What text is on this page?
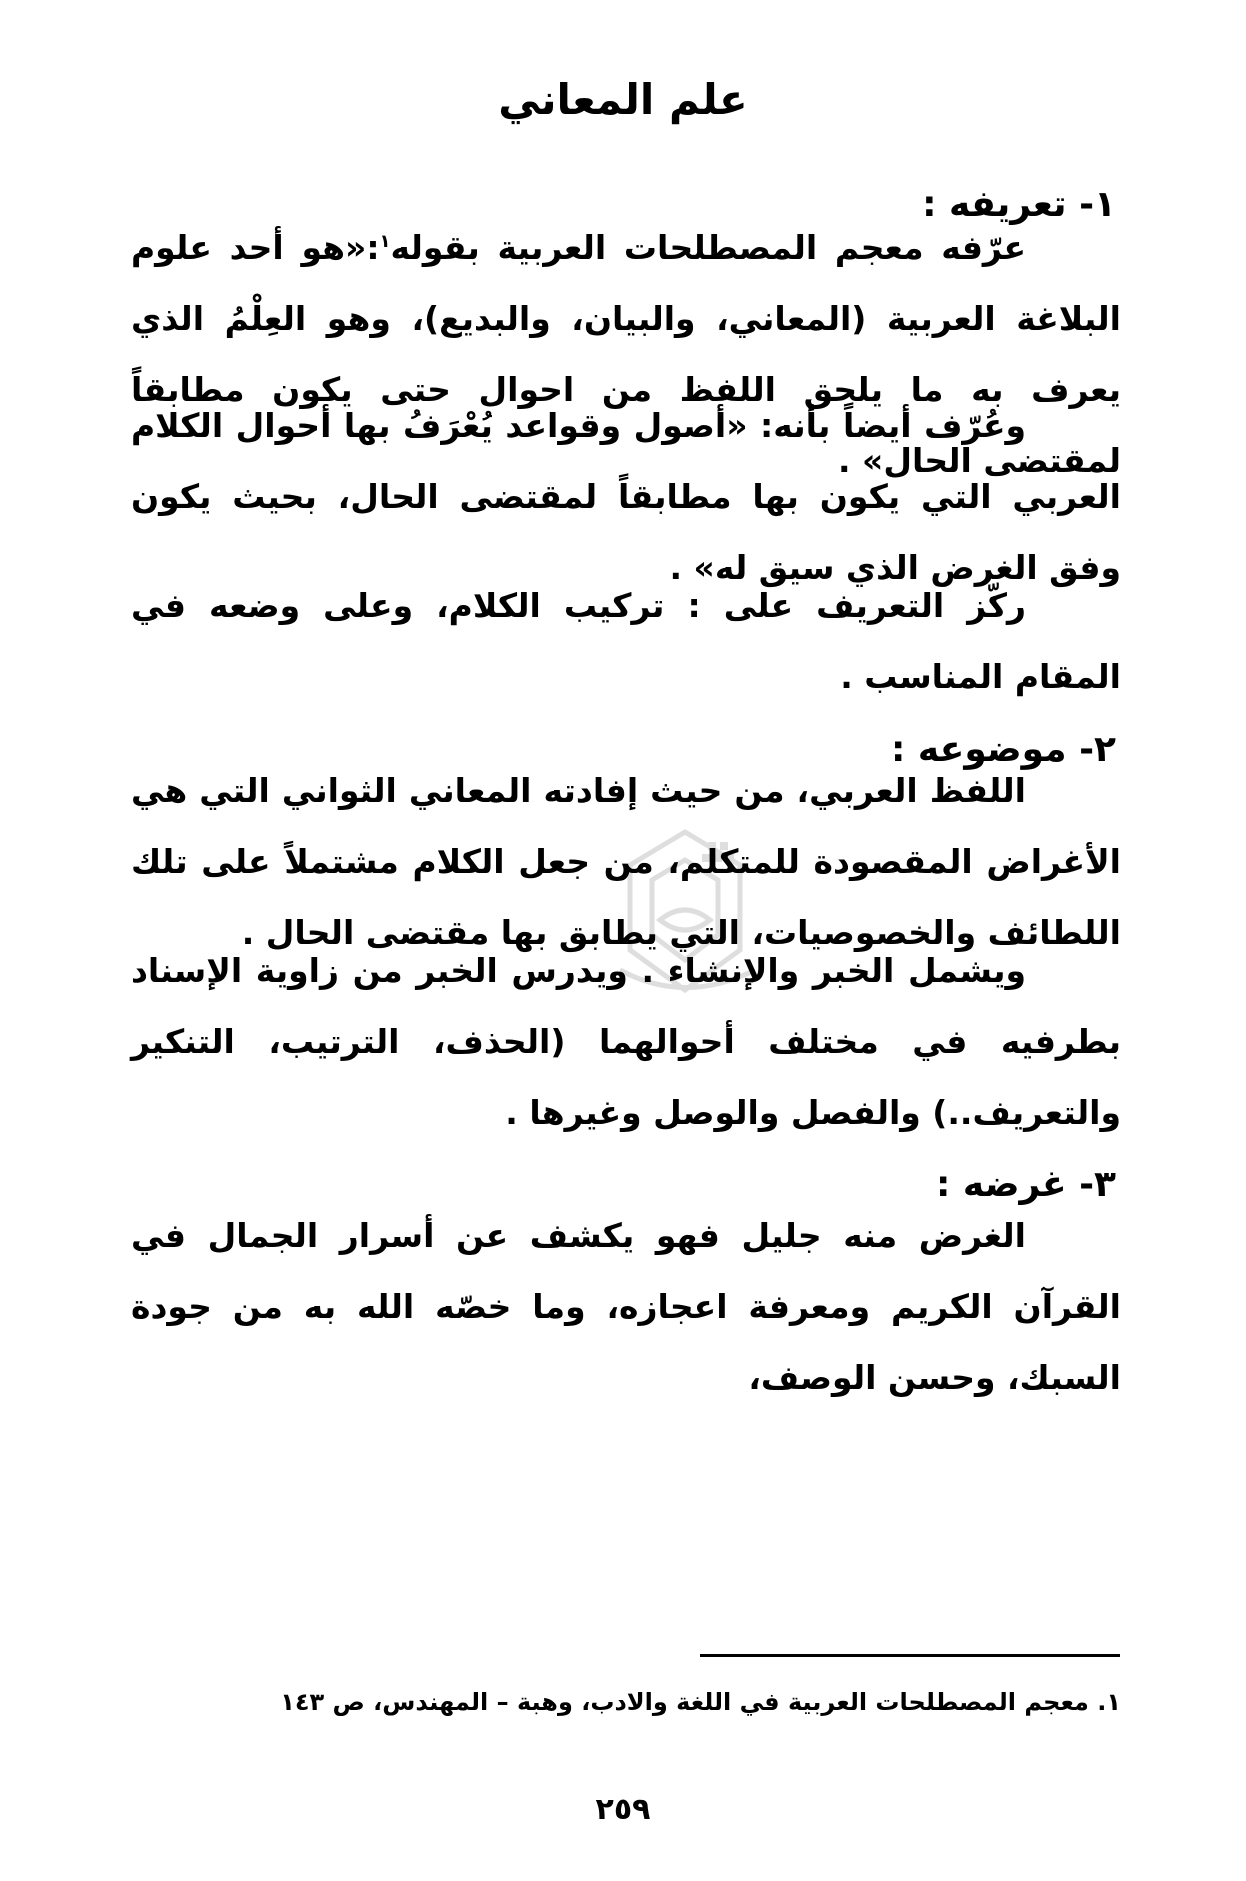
علم المعاني
١- تعريفه :

عرّفه معجم المصطلحات العربية بقوله$^١$:«هو أحد علوم البلاغة العربية (المعاني، والبيان، والبديع)، وهو العِلْمُ الذي يعرف به ما يلحق اللفظ من احوال حتى يكون مطابقاً لمقتضى الحال» .

وعُرّف أيضاً بأنه: «أصول وقواعد يُعْرَفُ بها أحوال الكلام العربي التي يكون بها مطابقاً لمقتضى الحال، بحيث يكون وفق الغرض الذي سيق له» .

ركّز التعريف على : تركيب الكلام، وعلى وضعه في المقام المناسب .

٢- موضوعه :

اللفظ العربي، من حيث إفادته المعاني الثواني التي هي الأغراض المقصودة للمتكلم، من جعل الكلام مشتملاً على تلك اللطائف والخصوصيات، التي يطابق بها مقتضى الحال .

ويشمل الخبر والإنشاء . ويدرس الخبر من زاوية الإسناد بطرفيه في مختلف أحوالهما (الحذف، الترتيب، التنكير والتعريف..) والفصل والوصل وغيرها .

٣- غرضه :

الغرض منه جليل فهو يكشف عن أسرار الجمال في القرآن الكريم ومعرفة اعجازه، وما خصّه الله به من جودة السبك، وحسن الوصف،

١. معجم المصطلحات العربية في اللغة والادب، وهبة – المهندس، ص ١٤٣
٢٥٩
